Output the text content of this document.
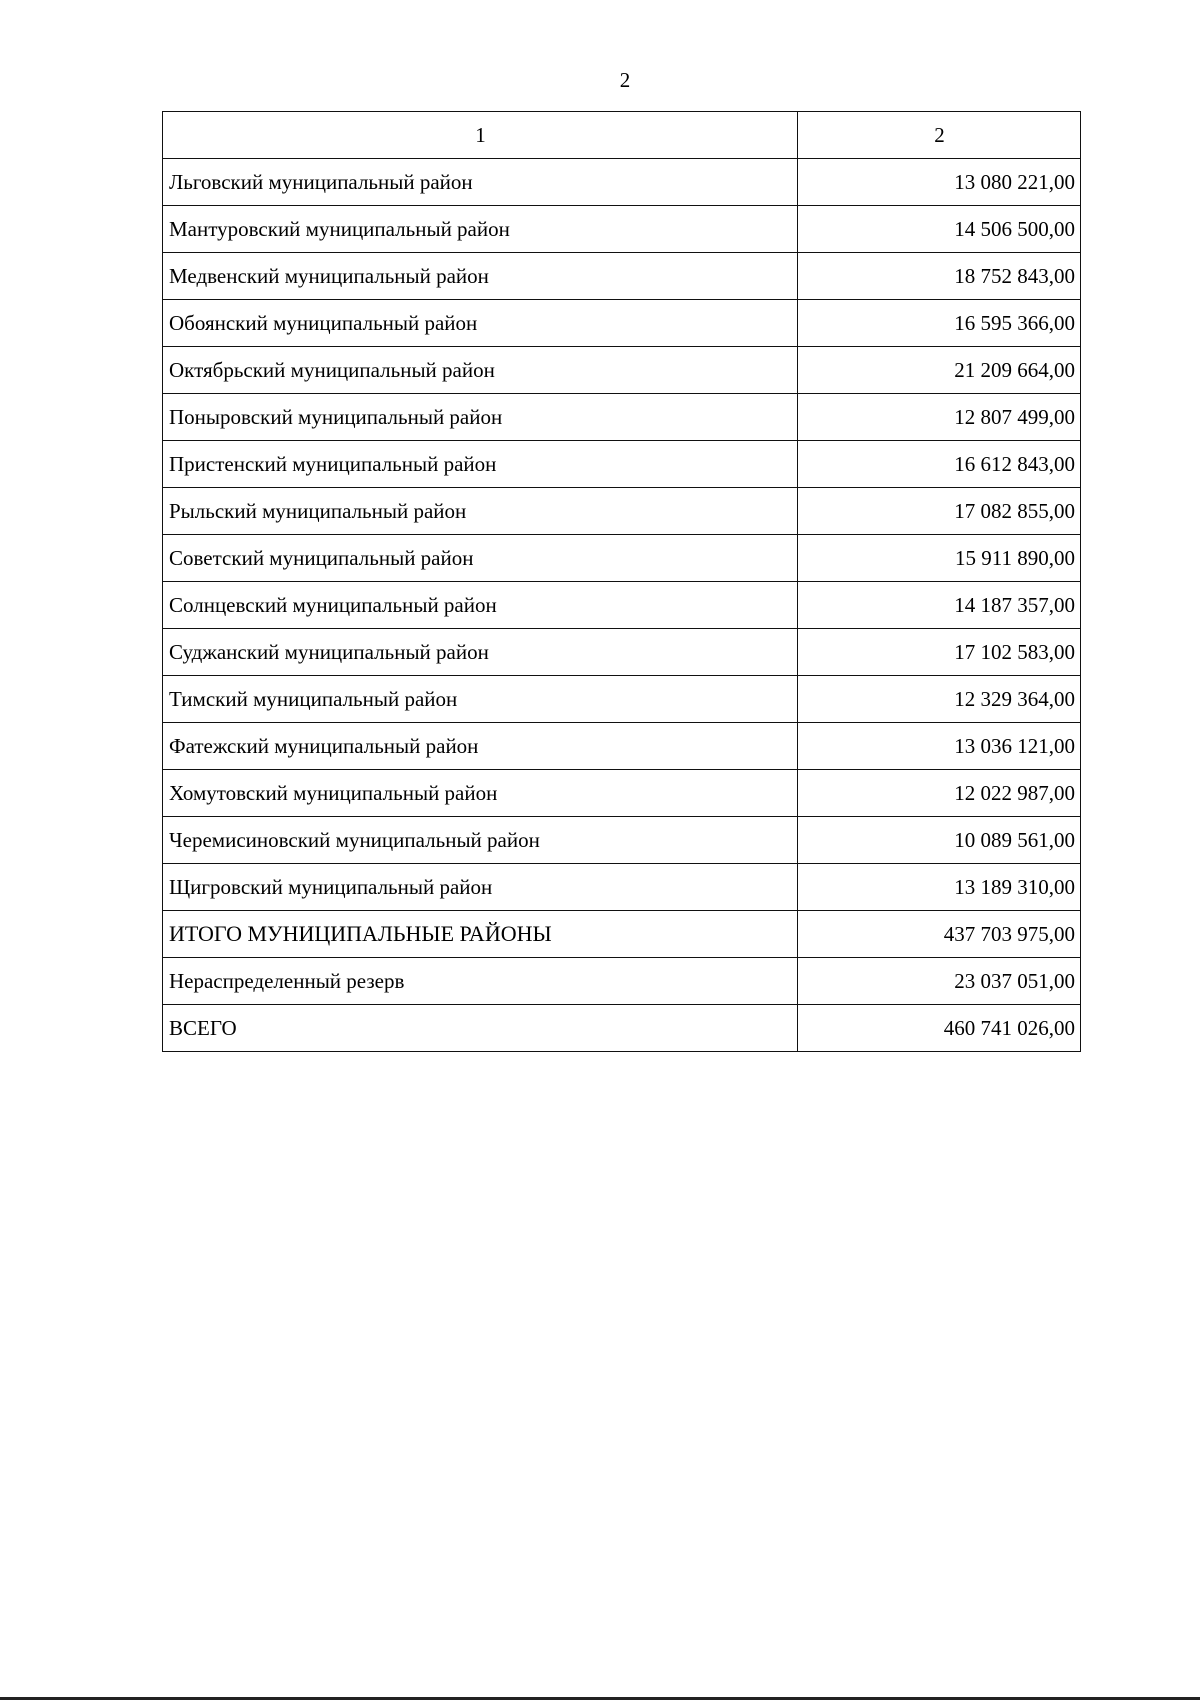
2
1	2
Льговский муниципальный район	13 080 221,00
Мантуровский муниципальный район	14 506 500,00
Медвенский муниципальный район	18 752 843,00
Обоянский муниципальный район	16 595 366,00
Октябрьский муниципальный район	21 209 664,00
Поныровский муниципальный район	12 807 499,00
Пристенский муниципальный район	16 612 843,00
Рыльский муниципальный район	17 082 855,00
Советский муниципальный район	15 911 890,00
Солнцевский муниципальный район	14 187 357,00
Суджанский муниципальный район	17 102 583,00
Тимский муниципальный район	12 329 364,00
Фатежский муниципальный район	13 036 121,00
Хомутовский муниципальный район	12 022 987,00
Черемисиновский муниципальный район	10 089 561,00
Щигровский муниципальный район	13 189 310,00
ИТОГО МУНИЦИПАЛЬНЫЕ РАЙОНЫ	437 703 975,00
Нераспределенный резерв	23 037 051,00
ВСЕГО	460 741 026,00
